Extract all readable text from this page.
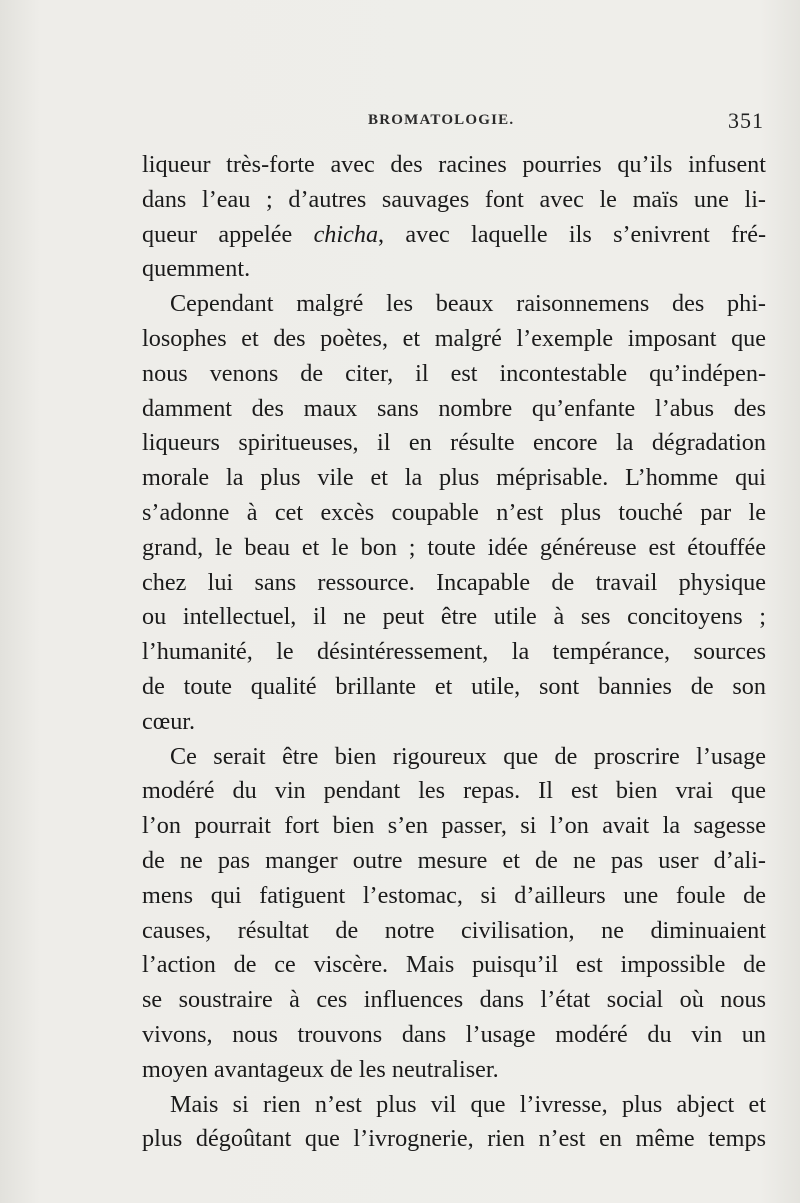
BROMATOLOGIE.	351
liqueur très-forte avec des racines pourries qu’ils infusent
dans l’eau ; d’autres sauvages font avec le maïs une li-
queur appelée chicha, avec laquelle ils s’enivrent fré-
quemment.
Cependant malgré les beaux raisonnemens des phi-
losophes et des poètes, et malgré l’exemple imposant que
nous venons de citer, il est incontestable qu’indépen-
damment des maux sans nombre qu’enfante l’abus des
liqueurs spiritueuses, il en résulte encore la dégradation
morale la plus vile et la plus méprisable. L’homme qui
s’adonne à cet excès coupable n’est plus touché par le
grand, le beau et le bon ; toute idée généreuse est étouffée
chez lui sans ressource. Incapable de travail physique
ou intellectuel, il ne peut être utile à ses concitoyens ;
l’humanité, le désintéressement, la tempérance, sources
de toute qualité brillante et utile, sont bannies de son
cœur.
Ce serait être bien rigoureux que de proscrire l’usage
modéré du vin pendant les repas. Il est bien vrai que
l’on pourrait fort bien s’en passer, si l’on avait la sagesse
de ne pas manger outre mesure et de ne pas user d’ali-
mens qui fatiguent l’estomac, si d’ailleurs une foule de
causes, résultat de notre civilisation, ne diminuaient
l’action de ce viscère. Mais puisqu’il est impossible de
se soustraire à ces influences dans l’état social où nous
vivons, nous trouvons dans l’usage modéré du vin un
moyen avantageux de les neutraliser.
Mais si rien n’est plus vil que l’ivresse, plus abject et
plus dégoûtant que l’ivrognerie, rien n’est en même temps
